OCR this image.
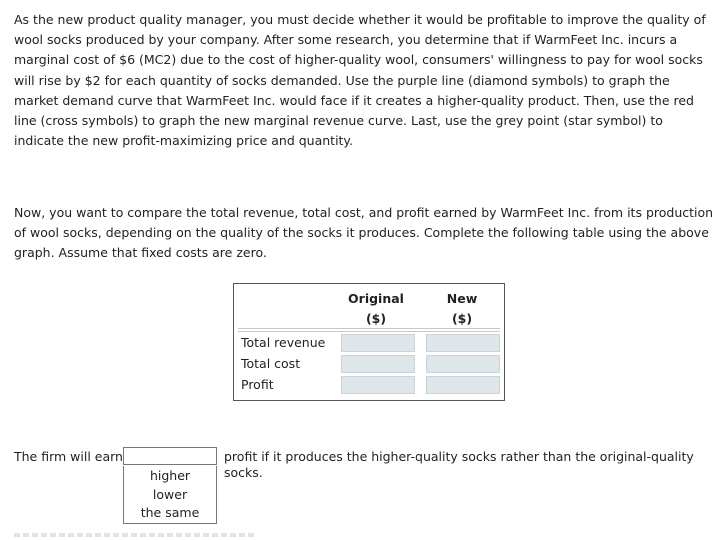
As the new product quality manager, you must decide whether it would be profitable to improve the quality of wool socks produced by your company. After some research, you determine that if WarmFeet Inc. incurs a marginal cost of $6 (MC2) due to the cost of higher-quality wool, consumers' willingness to pay for wool socks will rise by $2 for each quantity of socks demanded. Use the purple line (diamond symbols) to graph the market demand curve that WarmFeet Inc. would face if it creates a higher-quality product. Then, use the red line (cross symbols) to graph the new marginal revenue curve. Last, use the grey point (star symbol) to indicate the new profit-maximizing price and quantity.

Now, you want to compare the total revenue, total cost, and profit earned by WarmFeet Inc. from its production of wool socks, depending on the quality of the socks it produces. Complete the following table using the above graph. Assume that fixed costs are zero.

Original
($)
New
($)
Total revenue
Total cost
Profit
The firm will earn
higher
lower
the same
profit if it produces the higher-quality socks rather than the original-quality socks.
